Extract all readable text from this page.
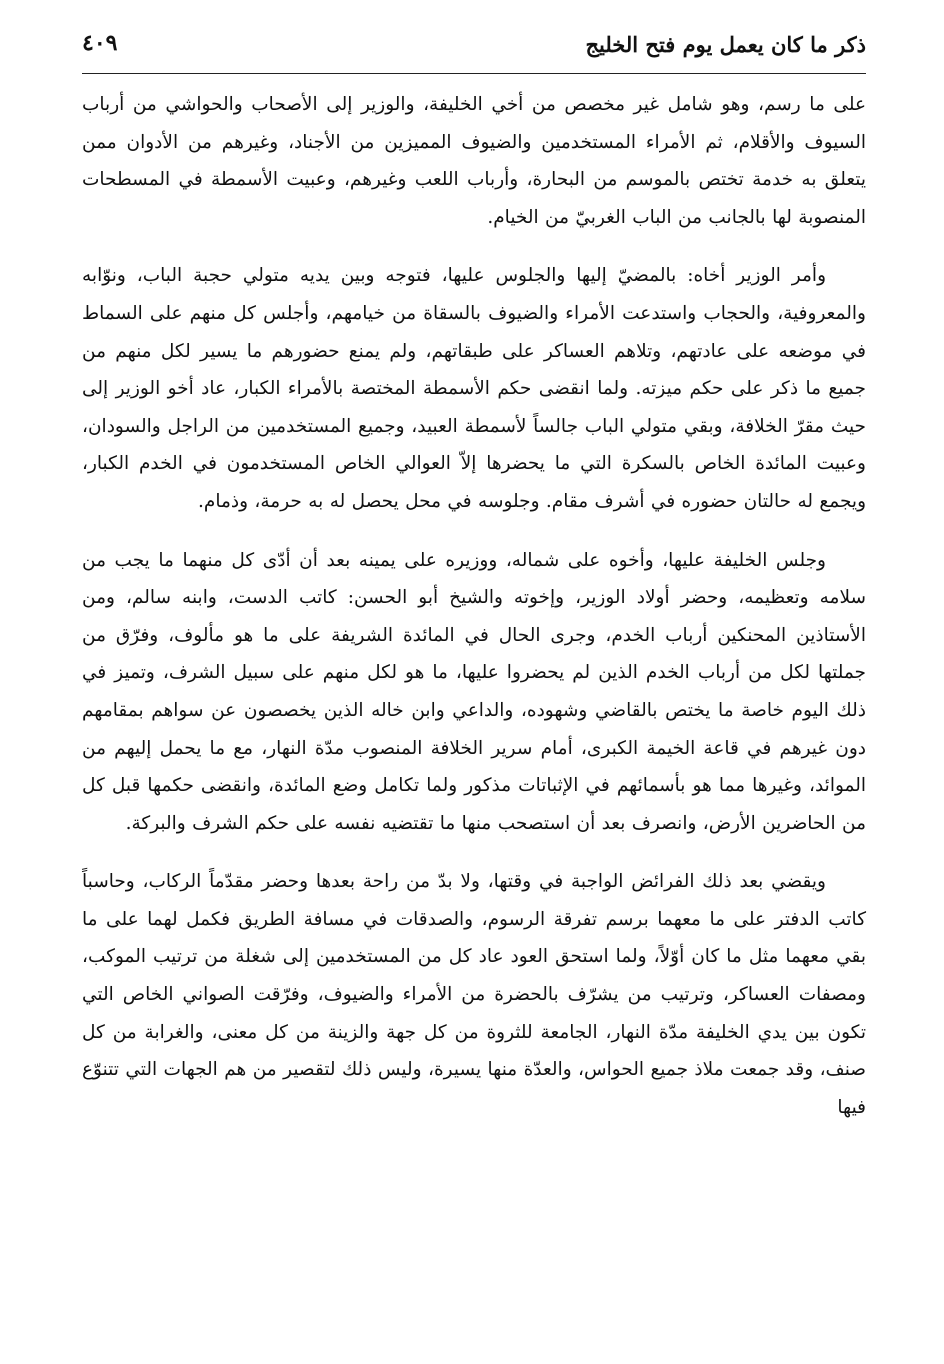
ذكر ما كان يعمل يوم فتح الخليج
٤٠٩

على ما رسم، وهو شامل غير مخصص من أخي الخليفة، والوزير إلى الأصحاب والحواشي من أرباب السيوف والأقلام، ثم الأمراء المستخدمين والضيوف المميزين من الأجناد، وغيرهم من الأدوان ممن يتعلق به خدمة تختص بالموسم من البحارة، وأرباب اللعب وغيرهم، وعبيت الأسمطة في المسطحات المنصوبة لها بالجانب من الباب الغربيّ من الخيام.

وأمر الوزير أخاه: بالمضيّ إليها والجلوس عليها، فتوجه وبين يديه متولي حجبة الباب، ونوّابه والمعروفية، والحجاب واستدعت الأمراء والضيوف بالسقاة من خيامهم، وأجلس كل منهم على السماط في موضعه على عادتهم، وتلاهم العساكر على طبقاتهم، ولم يمنع حضورهم ما يسير لكل منهم من جميع ما ذكر على حكم ميزته. ولما انقضى حكم الأسمطة المختصة بالأمراء الكبار، عاد أخو الوزير إلى حيث مقرّ الخلافة، وبقي متولي الباب جالساً لأسمطة العبيد، وجميع المستخدمين من الراجل والسودان، وعبيت المائدة الخاص بالسكرة التي ما يحضرها إلاّ العوالي الخاص المستخدمون في الخدم الكبار، ويجمع له حالتان حضوره في أشرف مقام. وجلوسه في محل يحصل له به حرمة، وذمام.

وجلس الخليفة عليها، وأخوه على شماله، ووزيره على يمينه بعد أن أدّى كل منهما ما يجب من سلامه وتعظيمه، وحضر أولاد الوزير، وإخوته والشيخ أبو الحسن: كاتب الدست، وابنه سالم، ومن الأستاذين المحنكين أرباب الخدم، وجرى الحال في المائدة الشريفة على ما هو مألوف، وفرّق من جملتها لكل من أرباب الخدم الذين لم يحضروا عليها، ما هو لكل منهم على سبيل الشرف، وتميز في ذلك اليوم خاصة ما يختص بالقاضي وشهوده، والداعي وابن خاله الذين يخصصون عن سواهم بمقامهم دون غيرهم في قاعة الخيمة الكبرى، أمام سرير الخلافة المنصوب مدّة النهار، مع ما يحمل إليهم من الموائد، وغيرها مما هو بأسمائهم في الإثباتات مذكور ولما تكامل وضع المائدة، وانقضى حكمها قبل كل من الحاضرين الأرض، وانصرف بعد أن استصحب منها ما تقتضيه نفسه على حكم الشرف والبركة.

ويقضي بعد ذلك الفرائض الواجبة في وقتها، ولا بدّ من راحة بعدها وحضر مقدّماً الركاب، وحاسباً كاتب الدفتر على ما معهما برسم تفرقة الرسوم، والصدقات في مسافة الطريق فكمل لهما على ما بقي معهما مثل ما كان أوّلاً، ولما استحق العود عاد كل من المستخدمين إلى شغلة من ترتيب الموكب، ومصفات العساكر، وترتيب من يشرّف بالحضرة من الأمراء والضيوف، وفرّقت الصواني الخاص التي تكون بين يدي الخليفة مدّة النهار، الجامعة للثروة من كل جهة والزينة من كل معنى، والغرابة من كل صنف، وقد جمعت ملاذ جميع الحواس، والعدّة منها يسيرة، وليس ذلك لتقصير من هم الجهات التي تتنوّع فيها
